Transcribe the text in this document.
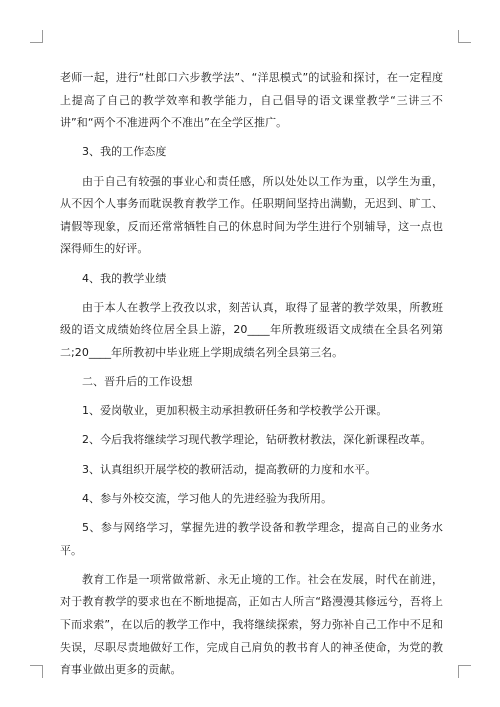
老师一起，进行“杜郎口六步教学法”、“洋思模式”的试验和探讨，在一定程度上提高了自己的教学效率和教学能力，自己倡导的语文课堂教学“三讲三不讲”和“两个不准进两个不准出”在全学区推广。

3、我的工作态度

由于自己有较强的事业心和责任感，所以处处以工作为重，以学生为重，从不因个人事务而耽误教育教学工作。任职期间坚持出满勤，无迟到、旷工、请假等现象，反而还常常牺牲自己的休息时间为学生进行个别辅导，这一点也深得师生的好评。

4、我的教学业绩

由于本人在教学上孜孜以求，刻苦认真，取得了显著的教学效果，所教班级的语文成绩始终位居全县上游，20____年所教班级语文成绩在全县名列第二;20____年所教初中毕业班上学期成绩名列全县第三名。

二、晋升后的工作设想

1、爱岗敬业，更加积极主动承担教研任务和学校教学公开课。

2、今后我将继续学习现代教学理论，钻研教材教法，深化新课程改革。

3、认真组织开展学校的教研活动，提高教研的力度和水平。

4、参与外校交流，学习他人的先进经验为我所用。

5、参与网络学习，掌握先进的教学设备和教学理念，提高自己的业务水平。

教育工作是一项常做常新、永无止境的工作。社会在发展，时代在前进，对于教育教学的要求也在不断地提高，正如古人所言“路漫漫其修远兮，吾将上下而求索”，在以后的教学工作中，我将继续探索，努力弥补自己工作中不足和失误，尽职尽责地做好工作，完成自己肩负的教书育人的神圣使命，为党的教育事业做出更多的贡献。
